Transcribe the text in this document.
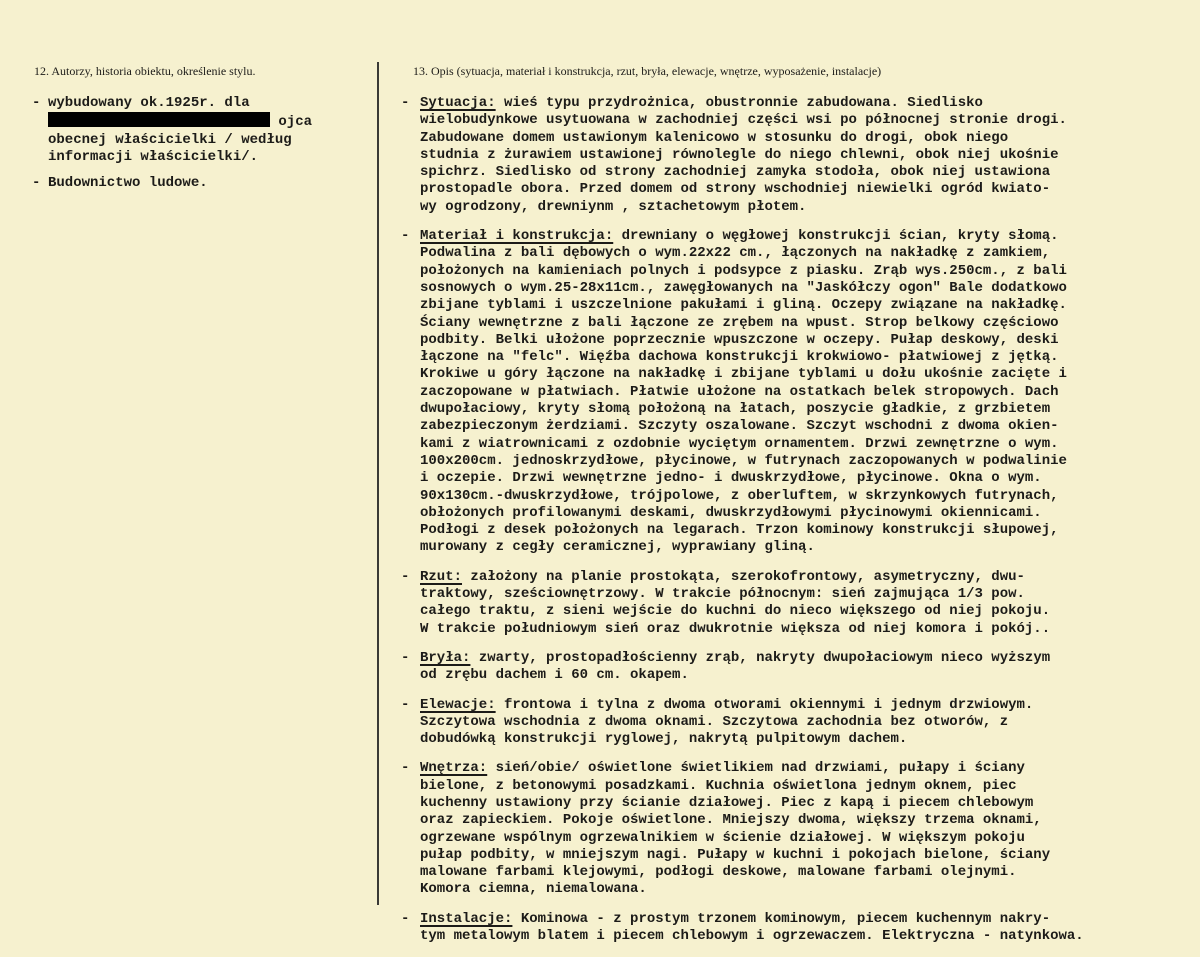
12. Autorzy, historia obiektu, określenie stylu.
- wybudowany ok.1925r. dla
ojca
obecnej właścicielki / według
informacji właścicielki/.
- Budownictwo ludowe.
13. Opis (sytuacja, materiał i konstrukcja, rzut, bryła, elewacje, wnętrze, wyposażenie, instalacje)
- Sytuacja: wieś typu przydrożnica, obustronnie zabudowana. Siedlisko
wielobudynkowe usytuowana w zachodniej części wsi po północnej stronie drogi.
Zabudowane domem ustawionym kalenicowo w stosunku do drogi, obok niego
studnia z żurawiem ustawionej równolegle do niego chlewni, obok niej ukośnie
spichrz. Siedlisko od strony zachodniej zamyka stodoła, obok niej ustawiona
prostopadle obora. Przed domem od strony wschodniej niewielki ogród kwiato-
wy ogrodzony, drewniynm , sztachetowym płotem.
- Materiał i konstrukcja: drewniany o węgłowej konstrukcji ścian, kryty słomą.
Podwalina z bali dębowych o wym.22x22 cm., łączonych na nakładkę z zamkiem,
położonych na kamieniach polnych i podsypce z piasku. Zrąb wys.250cm., z bali
sosnowych o wym.25-28x11cm., zawęgłowanych na "Jaskółczy ogon" Bale dodatkowo
zbijane tyblami i uszczelnione pakułami i gliną. Oczepy związane na nakładkę.
Ściany wewnętrzne z bali łączone ze zrębem na wpust. Strop belkowy częściowo
podbity. Belki ułożone poprzecznie wpuszczone w oczepy. Pułap deskowy, deski
łączone na "felc". Więźba dachowa konstrukcji krokwiowo- płatwiowej z jętką.
Krokiwe u góry łączone na nakładkę i zbijane tyblami u dołu ukośnie zacięte i
zaczopowane w płatwiach. Płatwie ułożone na ostatkach belek stropowych. Dach
dwupołaciowy, kryty słomą położoną na łatach, poszycie gładkie, z grzbietem
zabezpieczonym żerdziami. Szczyty oszalowane. Szczyt wschodni z dwoma okien-
kami z wiatrownicami z ozdobnie wyciętym ornamentem. Drzwi zewnętrzne o wym.
100x200cm. jednoskrzydłowe, płycinowe, w futrynach zaczopowanych w podwalinie
i oczepie. Drzwi wewnętrzne jedno- i dwuskrzydłowe, płycinowe. Okna o wym.
90x130cm.-dwuskrzydłowe, trójpolowe, z oberluftem, w skrzynkowych futrynach,
obłożonych profilowanymi deskami, dwuskrzydłowymi płycinowymi okiennicami.
Podłogi z desek położonych na legarach. Trzon kominowy konstrukcji słupowej,
murowany z cegły ceramicznej, wyprawiany gliną.
- Rzut: założony na planie prostokąta, szerokofrontowy, asymetryczny, dwu-
traktowy, sześciownętrzowy. W trakcie północnym: sień zajmująca 1/3 pow.
całego traktu, z sieni wejście do kuchni do nieco większego od niej pokoju.
W trakcie południowym sień oraz dwukrotnie większa od niej komora i pokój..
- Bryła: zwarty, prostopadłościenny zrąb, nakryty dwupołaciowym nieco wyższym
od zrębu dachem i 60 cm. okapem.
- Elewacje: frontowa i tylna z dwoma otworami okiennymi i jednym drzwiowym.
Szczytowa wschodnia z dwoma oknami. Szczytowa zachodnia bez otworów, z
dobudówką konstrukcji ryglowej, nakrytą pulpitowym dachem.
- Wnętrza: sień/obie/ oświetlone świetlikiem nad drzwiami, pułapy i ściany
bielone, z betonowymi posadzkami. Kuchnia oświetlona jednym oknem, piec
kuchenny ustawiony przy ścianie działowej. Piec z kapą i piecem chlebowym
oraz zapieckiem. Pokoje oświetlone. Mniejszy dwoma, większy trzema oknami,
ogrzewane wspólnym ogrzewalnikiem w ścienie działowej. W większym pokoju
pułap podbity, w mniejszym nagi. Pułapy w kuchni i pokojach bielone, ściany
malowane farbami klejowymi, podłogi deskowe, malowane farbami olejnymi.
Komora ciemna, niemalowana.
- Instalacje: Kominowa - z prostym trzonem kominowym, piecem kuchennym nakry-
tym metalowym blatem i piecem chlebowym i ogrzewaczem. Elektryczna - natynkowa.
